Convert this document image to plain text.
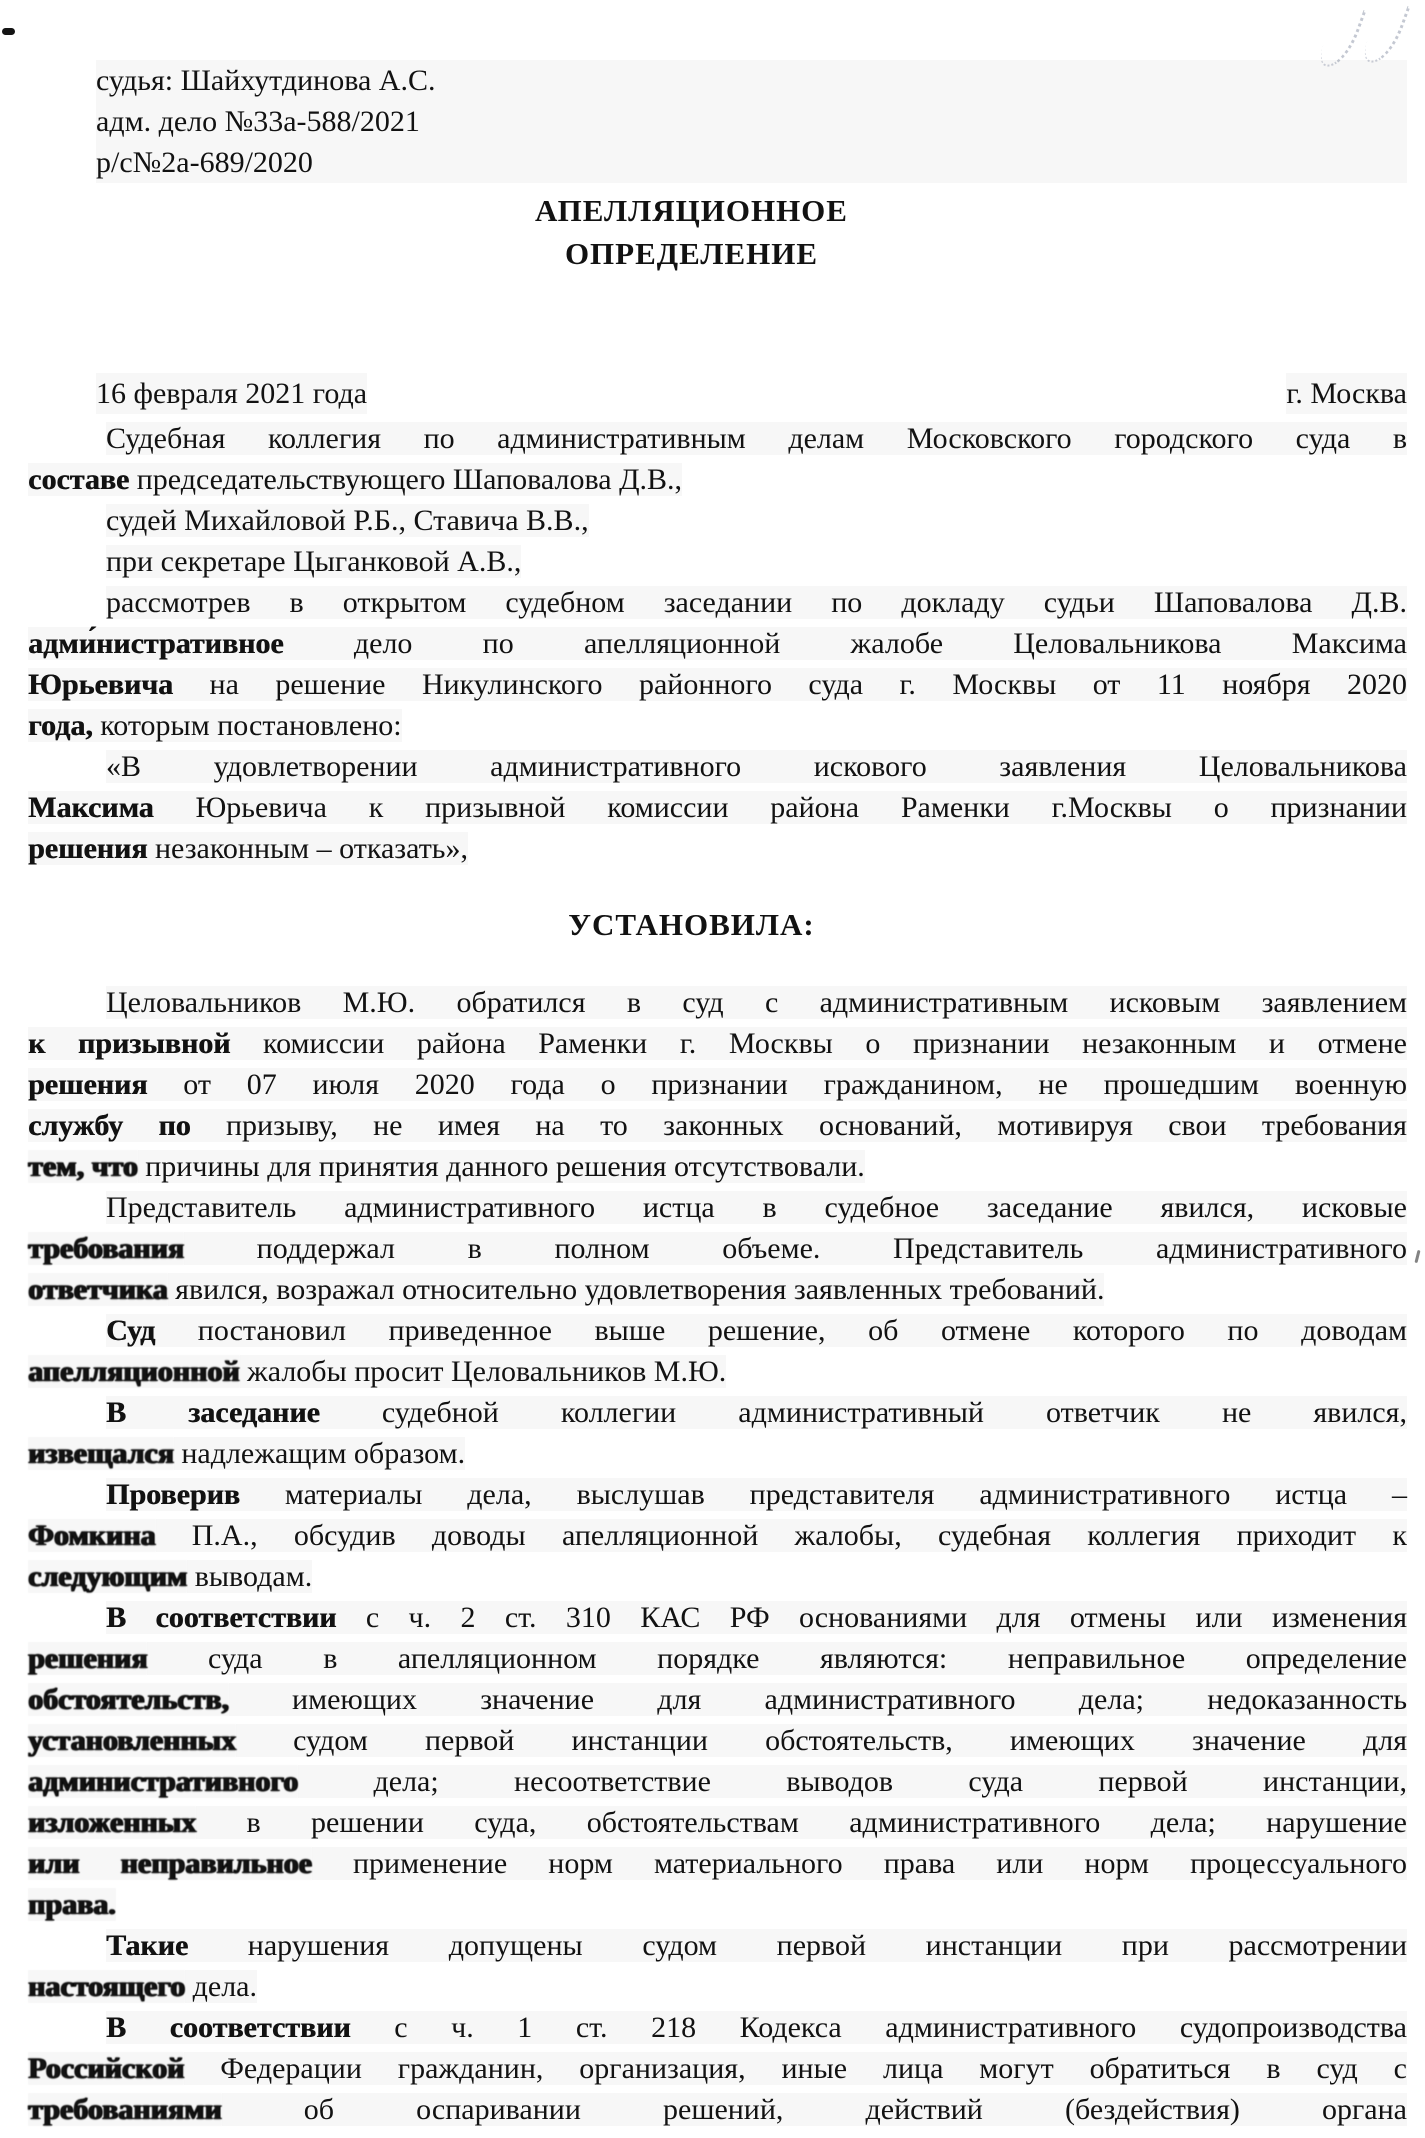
судья: Шайхутдинова А.С.
адм. дело №33а-588/2021
р/с№2а-689/2020
АПЕЛЛЯЦИОННОЕ
ОПРЕДЕЛЕНИЕ
16 февраля 2021 года	г. Москва
Судебная коллегия по административным делам Московского городского суда в
составе председательствующего Шаповалова Д.В.,
судей Михайловой Р.Б., Ставича В.В.,
при секретаре Цыганковой А.В.,
рассмотрев в открытом судебном заседании по докладу судьи Шаповалова Д.В.
адми́нистративное дело по апелляционной жалобе Целовальникова Максима
Юрьевича на решение Никулинского районного суда г. Москвы от 11 ноября 2020
года, которым постановлено:
«В удовлетворении административного искового заявления Целовальникова
Максима Юрьевича к призывной комиссии района Раменки г.Москвы о признании
решения незаконным – отказать»,
УСТАНОВИЛА:
Целовальников М.Ю. обратился в суд с административным исковым заявлением
к призывной комиссии района Раменки г. Москвы о признании незаконным и отмене
решения от 07 июля 2020 года о признании гражданином, не прошедшим военную
службу по призыву, не имея на то законных оснований, мотивируя свои требования
тем, что причины для принятия данного решения отсутствовали.
Представитель административного истца в судебное заседание явился, исковые
требования поддержал в полном объеме. Представитель административного
ответчика явился, возражал относительно удовлетворения заявленных требований.
Суд постановил приведенное выше решение, об отмене которого по доводам
апелляционной жалобы просит Целовальников М.Ю.
В заседание судебной коллегии административный ответчик не явился,
извещался надлежащим образом.
Проверив материалы дела, выслушав представителя административного истца –
Фомкина П.А., обсудив доводы апелляционной жалобы, судебная коллегия приходит к
следующим выводам.
В соответствии с ч. 2 ст. 310 КАС РФ основаниями для отмены или изменения
решения суда в апелляционном порядке являются: неправильное определение
обстоятельств, имеющих значение для административного дела; недоказанность
установленных судом первой инстанции обстоятельств, имеющих значение для
административного дела; несоответствие выводов суда первой инстанции,
изложенных в решении суда, обстоятельствам административного дела; нарушение
или неправильное применение норм материального права или норм процессуального
права.
Такие нарушения допущены судом первой инстанции при рассмотрении
настоящего дела.
В соответствии с ч. 1 ст. 218 Кодекса административного судопроизводства
Российской Федерации гражданин, организация, иные лица могут обратиться в суд с
требованиями об оспаривании решений, действий (бездействия) органа
